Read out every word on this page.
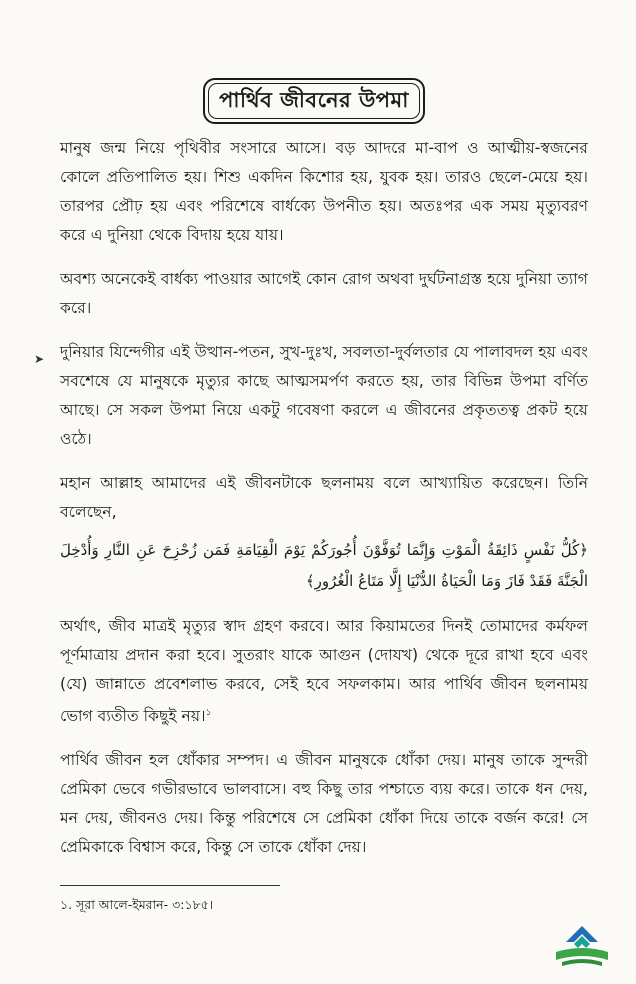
পার্থিব জীবনের উপমা
➤

মানুষ জন্ম নিয়ে পৃথিবীর সংসারে আসে। বড় আদরে মা-বাপ ও আত্মীয়-স্বজনের কোলে প্রতিপালিত হয়। শিশু একদিন কিশোর হয়, যুবক হয়। তারও ছেলে-মেয়ে হয়। তারপর প্রৌঢ় হয় এবং পরিশেষে বার্ধক্যে উপনীত হয়। অতঃপর এক সময় মৃত্যুবরণ করে এ দুনিয়া থেকে বিদায় হয়ে যায়।

অবশ্য অনেকেই বার্ধক্য পাওয়ার আগেই কোন রোগ অথবা দুর্ঘটনাগ্রস্ত হয়ে দুনিয়া ত্যাগ করে।

দুনিয়ার যিন্দেগীর এই উত্থান-পতন, সুখ-দুঃখ, সবলতা-দুর্বলতার যে পালাবদল হয় এবং সবশেষে যে মানুষকে মৃত্যুর কাছে আত্মসমর্পণ করতে হয়, তার বিভিন্ন উপমা বর্ণিত আছে। সে সকল উপমা নিয়ে একটু গবেষণা করলে এ জীবনের প্রকৃততত্ব প্রকট হয়ে ওঠে।

মহান আল্লাহ আমাদের এই জীবনটাকে ছলনাময় বলে আখ্যায়িত করেছেন। তিনি বলেছেন,

﴿كُلُّ نَفْسٍ ذَائِقَةُ الْمَوْتِ وَإِنَّمَا تُوَفَّوْنَ أُجُورَكُمْ يَوْمَ الْقِيَامَةِ فَمَن زُحْزِحَ عَنِ النَّارِ وَأُدْخِلَ الْجَنَّةَ فَقَدْ فَازَ وَمَا الْحَيَاةُ الدُّنْيَا إِلَّا مَتَاعُ الْغُرُورِ﴾

অর্থাৎ, জীব মাত্রই মৃত্যুর স্বাদ গ্রহণ করবে। আর কিয়ামতের দিনই তোমাদের কর্মফল পূর্ণমাত্রায় প্রদান করা হবে। সুতরাং যাকে আগুন (দোযখ) থেকে দূরে রাখা হবে এবং (যে) জান্নাতে প্রবেশলাভ করবে, সেই হবে সফলকাম। আর পার্থিব জীবন ছলনাময় ভোগ ব্যতীত কিছুই নয়।$^১$

পার্থিব জীবন হল ধোঁকার সম্পদ। এ জীবন মানুষকে ধোঁকা দেয়। মানুষ তাকে সুন্দরী প্রেমিকা ভেবে গভীরভাবে ভালবাসে। বহু কিছু তার পশ্চাতে ব্যয় করে। তাকে ধন দেয়, মন দেয়, জীবনও দেয়। কিন্তু পরিশেষে সে প্রেমিকা ধোঁকা দিয়ে তাকে বর্জন করে! সে প্রেমিকাকে বিশ্বাস করে, কিন্তু সে তাকে ধোঁকা দেয়।

১. সূরা আলে-ইমরান- ৩:১৮৫।
